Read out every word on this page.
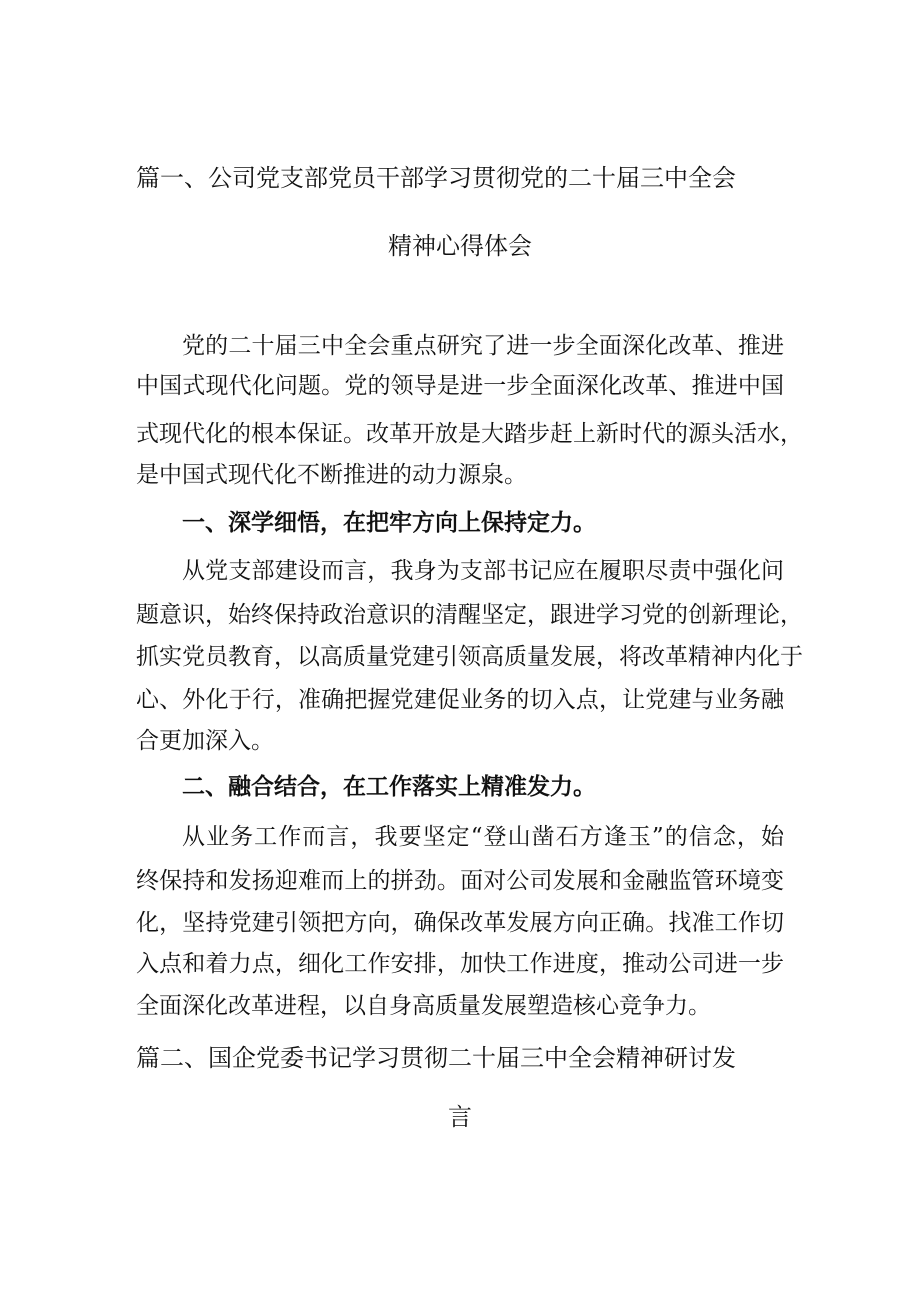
篇一、公司党支部党员干部学习贯彻党的二十届三中全会
精神心得体会
党的二十届三中全会重点研究了进一步全面深化改革、推进
中国式现代化问题。党的领导是进一步全面深化改革、推进中国
式现代化的根本保证。改革开放是大踏步赶上新时代的源头活水，
是中国式现代化不断推进的动力源泉。
一、深学细悟，在把牢方向上保持定力。
从党支部建设而言，我身为支部书记应在履职尽责中强化问
题意识，始终保持政治意识的清醒坚定，跟进学习党的创新理论，
抓实党员教育，以高质量党建引领高质量发展，将改革精神内化于
心、外化于行，准确把握党建促业务的切入点，让党建与业务融
合更加深入。
二、融合结合，在工作落实上精准发力。
从业务工作而言，我要坚定“登山凿石方逢玉”的信念，始
终保持和发扬迎难而上的拼劲。面对公司发展和金融监管环境变
化，坚持党建引领把方向，确保改革发展方向正确。找准工作切
入点和着力点，细化工作安排，加快工作进度，推动公司进一步
全面深化改革进程，以自身高质量发展塑造核心竞争力。
篇二、国企党委书记学习贯彻二十届三中全会精神研讨发
言
